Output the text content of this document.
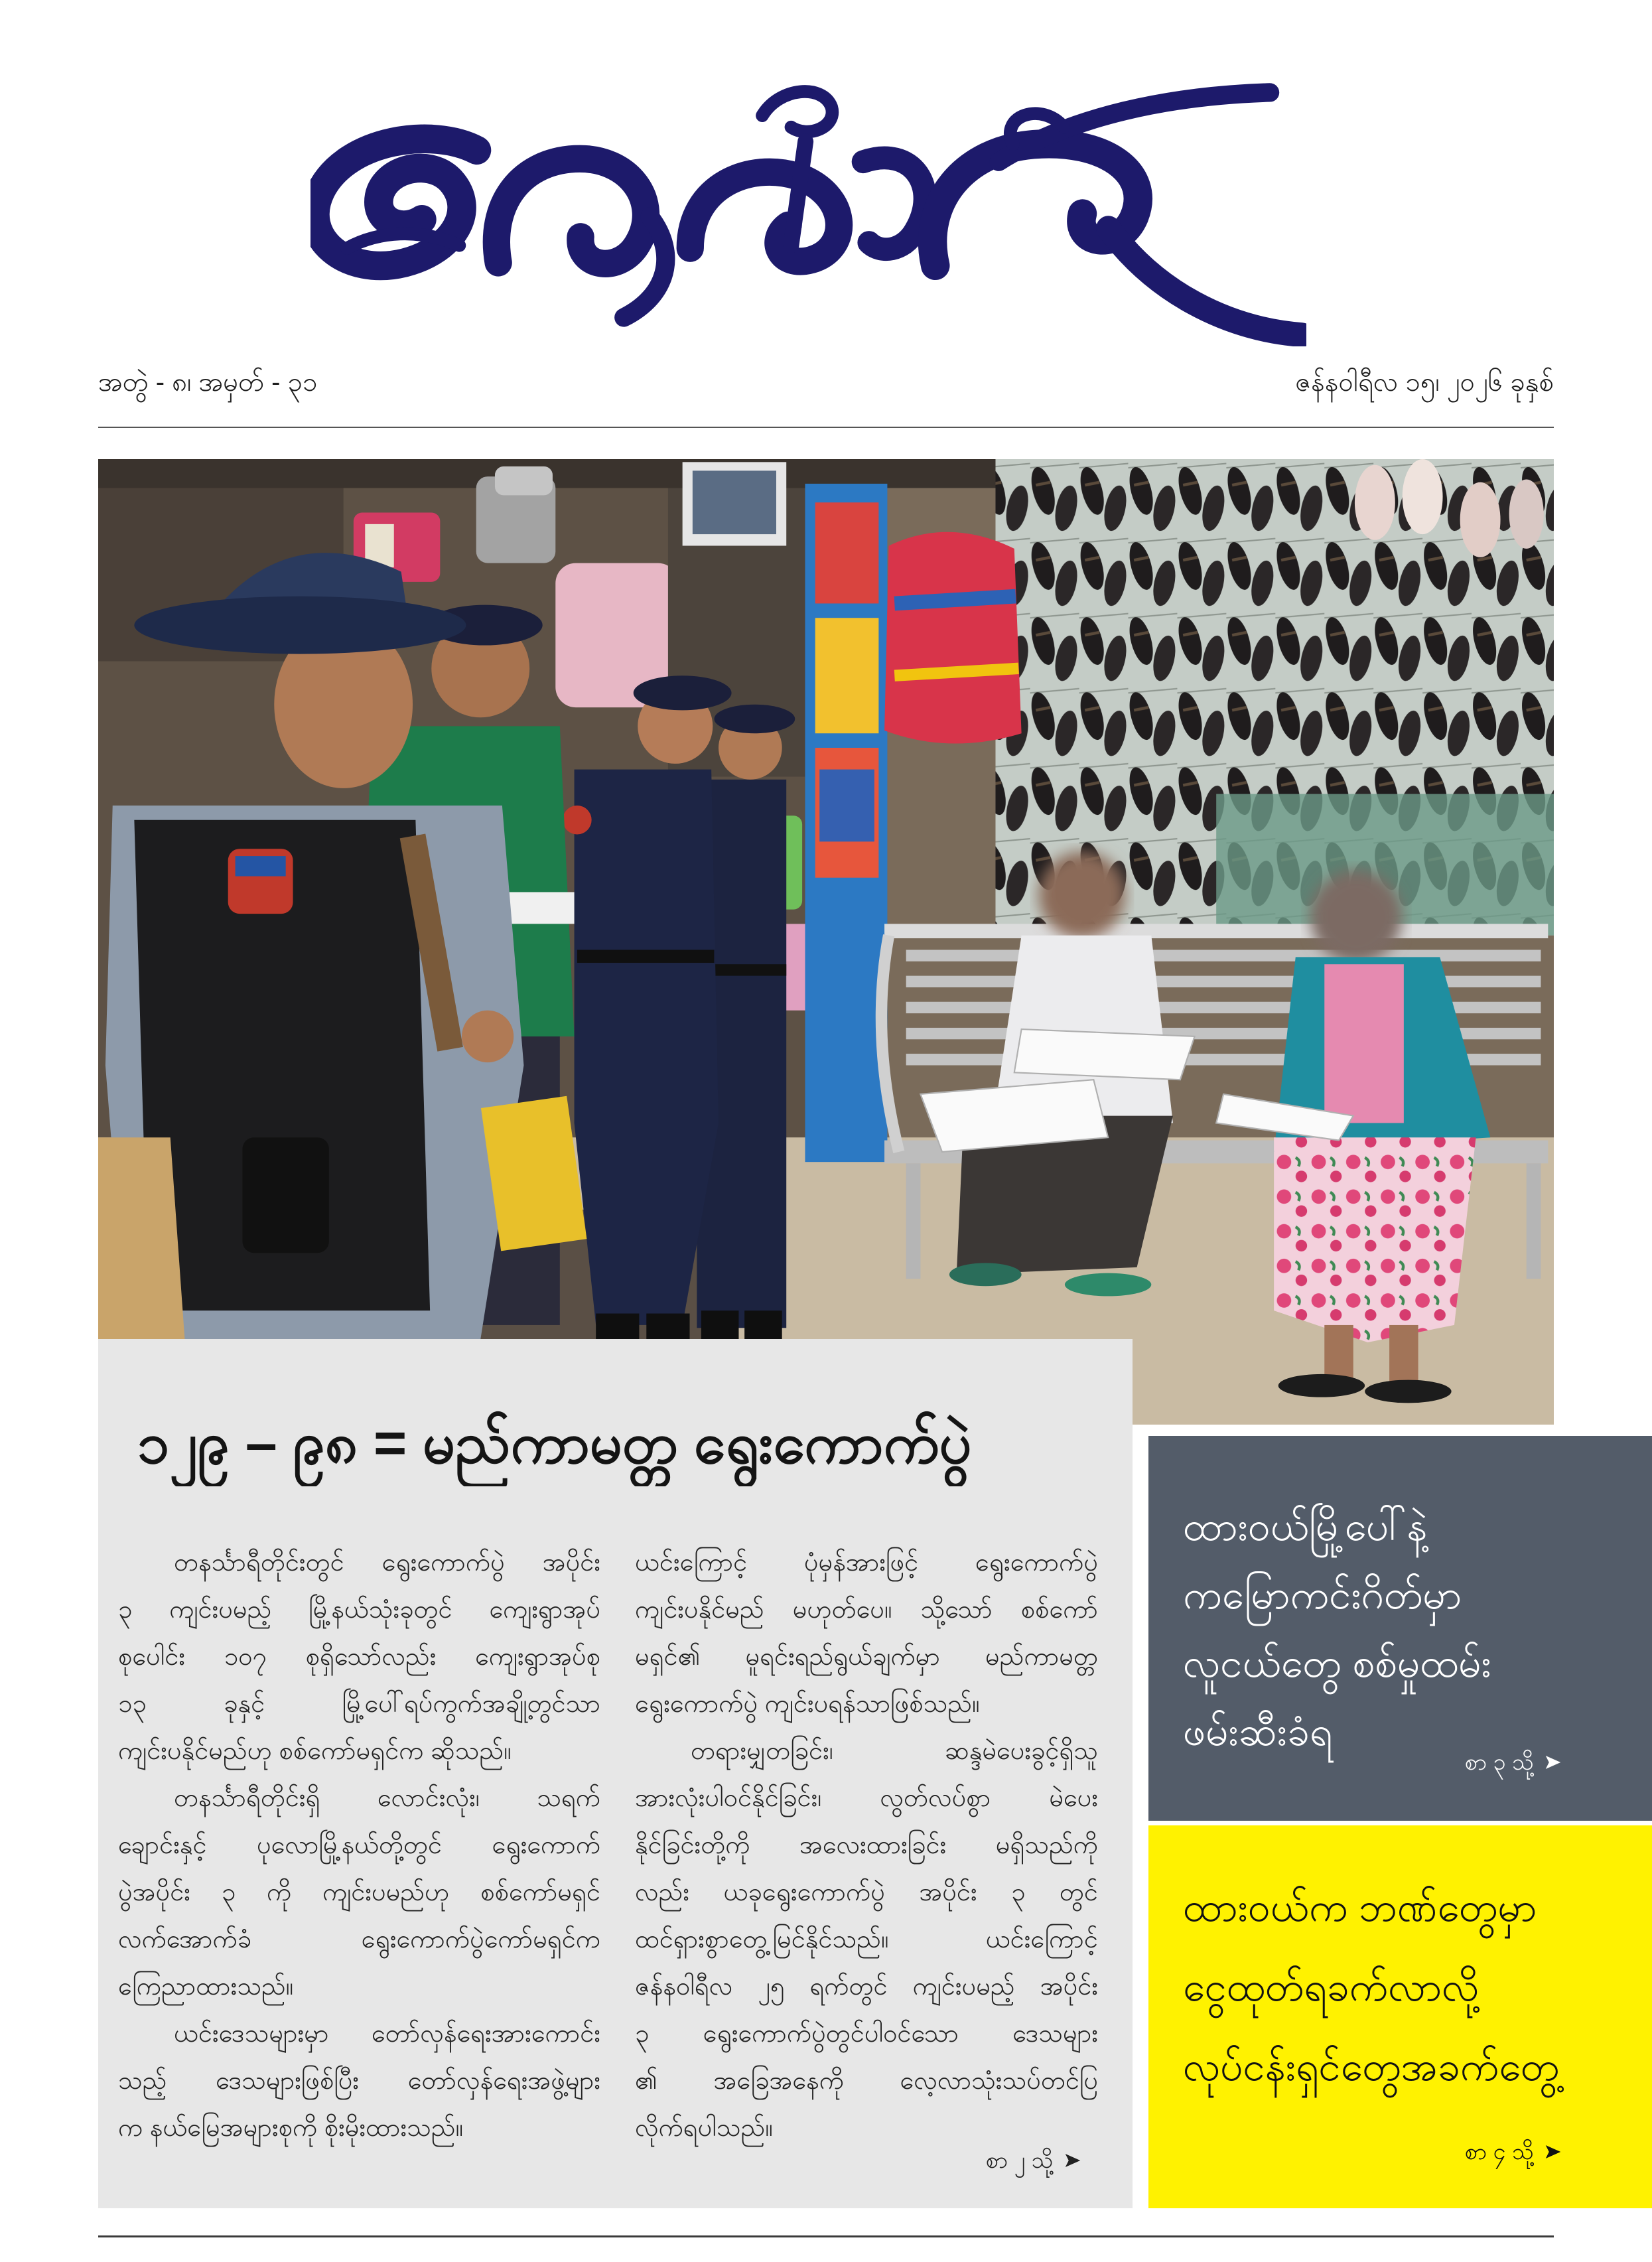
အတွဲ - ၈၊ အမှတ် - ၃၁	ဇန်နဝါရီလ ၁၅၊ ၂၀၂၆ ခုနှစ်
၁၂၉ – ၉၈ = မည်ကာမတ္တ ရွေးကောက်ပွဲ
တနင်္သာရီတိုင်းတွင် ရွေးကောက်ပွဲ အပိုင်း
၃ ကျင်းပမည့် မြို့နယ်သုံးခုတွင် ကျေးရွာအုပ်
စုပေါင်း ၁၀၇ စုရှိသော်လည်း ကျေးရွာအုပ်စု
၁၃ ခုနှင့် မြို့ပေါ်ရပ်ကွက်အချို့တွင်သာ
ကျင်းပနိုင်မည်ဟု စစ်ကော်မရှင်က ဆိုသည်။
တနင်္သာရီတိုင်းရှိ လောင်းလုံး၊ သရက်
ချောင်းနှင့် ပုလောမြို့နယ်တို့တွင် ရွေးကောက်
ပွဲအပိုင်း ၃ ကို ကျင်းပမည်ဟု စစ်ကော်မရှင်
လက်အောက်ခံ ရွေးကောက်ပွဲကော်မရှင်က
ကြေညာထားသည်။
ယင်းဒေသများမှာ တော်လှန်ရေးအားကောင်း
သည့် ဒေသများဖြစ်ပြီး တော်လှန်ရေးအဖွဲ့များ
က နယ်မြေအများစုကို စိုးမိုးထားသည်။
ယင်းကြောင့် ပုံမှန်အားဖြင့် ရွေးကောက်ပွဲ
ကျင်းပနိုင်မည် မဟုတ်ပေ။ သို့သော် စစ်ကော်
မရှင်၏ မူရင်းရည်ရွယ်ချက်မှာ မည်ကာမတ္တ
ရွေးကောက်ပွဲ ကျင်းပရန်သာဖြစ်သည်။
တရားမျှတခြင်း၊ ဆန္ဒမဲပေးခွင့်ရှိသူ
အားလုံးပါဝင်နိုင်ခြင်း၊ လွတ်လပ်စွာ မဲပေး
နိုင်ခြင်းတို့ကို အလေးထားခြင်း မရှိသည်ကို
လည်း ယခုရွေးကောက်ပွဲ အပိုင်း ၃ တွင်
ထင်ရှားစွာတွေ့မြင်နိုင်သည်။ ယင်းကြောင့်
ဇန်နဝါရီလ ၂၅ ရက်တွင် ကျင်းပမည့် အပိုင်း
၃ ရွေးကောက်ပွဲတွင်ပါဝင်သော ဒေသများ
၏ အခြေအနေကို လေ့လာသုံးသပ်တင်ပြ
လိုက်ရပါသည်။
စာ ၂ သို့
ထားဝယ်မြို့ပေါ်နဲ့
ကမြောကင်းဂိတ်မှာ
လူငယ်တွေ စစ်မှုထမ်း
ဖမ်းဆီးခံရ
စာ ၃ သို့
ထားဝယ်က ဘဏ်တွေမှာ
ငွေထုတ်ရခက်လာလို့
လုပ်ငန်းရှင်တွေအခက်တွေ့
စာ ၄ သို့
